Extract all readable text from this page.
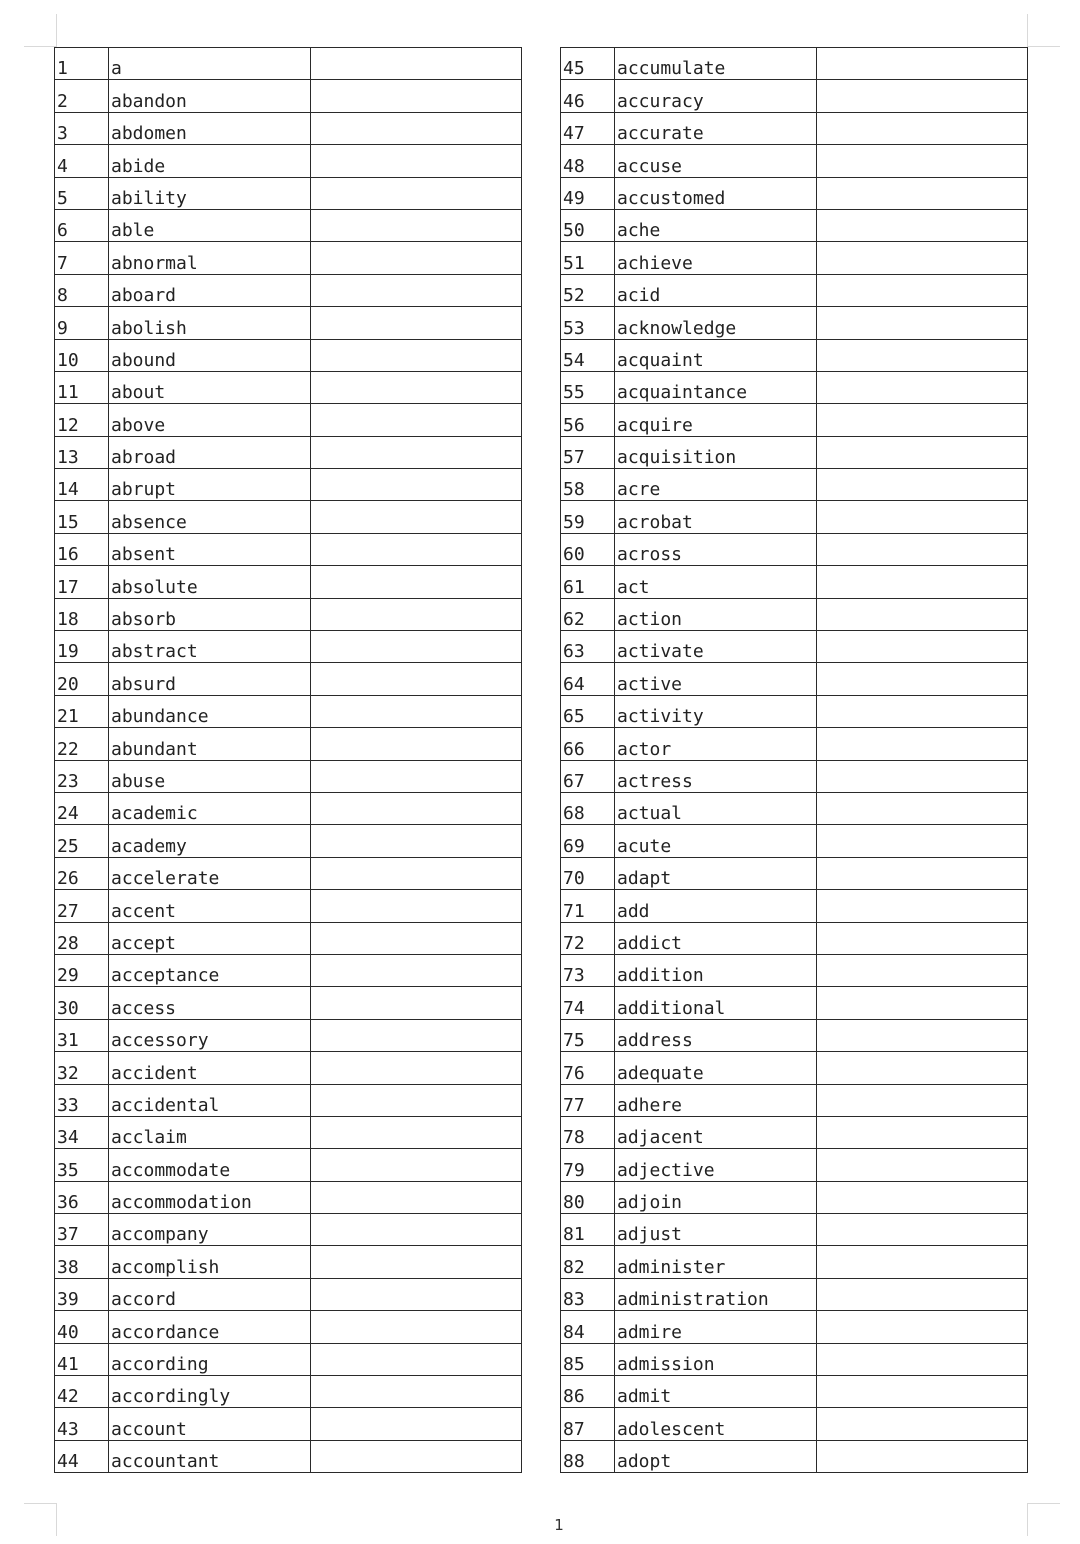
1	a	
2	abandon	
3	abdomen	
4	abide	
5	ability	
6	able	
7	abnormal	
8	aboard	
9	abolish	
10	abound	
11	about	
12	above	
13	abroad	
14	abrupt	
15	absence	
16	absent	
17	absolute	
18	absorb	
19	abstract	
20	absurd	
21	abundance	
22	abundant	
23	abuse	
24	academic	
25	academy	
26	accelerate	
27	accent	
28	accept	
29	acceptance	
30	access	
31	accessory	
32	accident	
33	accidental	
34	acclaim	
35	accommodate	
36	accommodation	
37	accompany	
38	accomplish	
39	accord	
40	accordance	
41	according	
42	accordingly	
43	account	
44	accountant	
45	accumulate	
46	accuracy	
47	accurate	
48	accuse	
49	accustomed	
50	ache	
51	achieve	
52	acid	
53	acknowledge	
54	acquaint	
55	acquaintance	
56	acquire	
57	acquisition	
58	acre	
59	acrobat	
60	across	
61	act	
62	action	
63	activate	
64	active	
65	activity	
66	actor	
67	actress	
68	actual	
69	acute	
70	adapt	
71	add	
72	addict	
73	addition	
74	additional	
75	address	
76	adequate	
77	adhere	
78	adjacent	
79	adjective	
80	adjoin	
81	adjust	
82	administer	
83	administration	
84	admire	
85	admission	
86	admit	
87	adolescent	
88	adopt	
1
